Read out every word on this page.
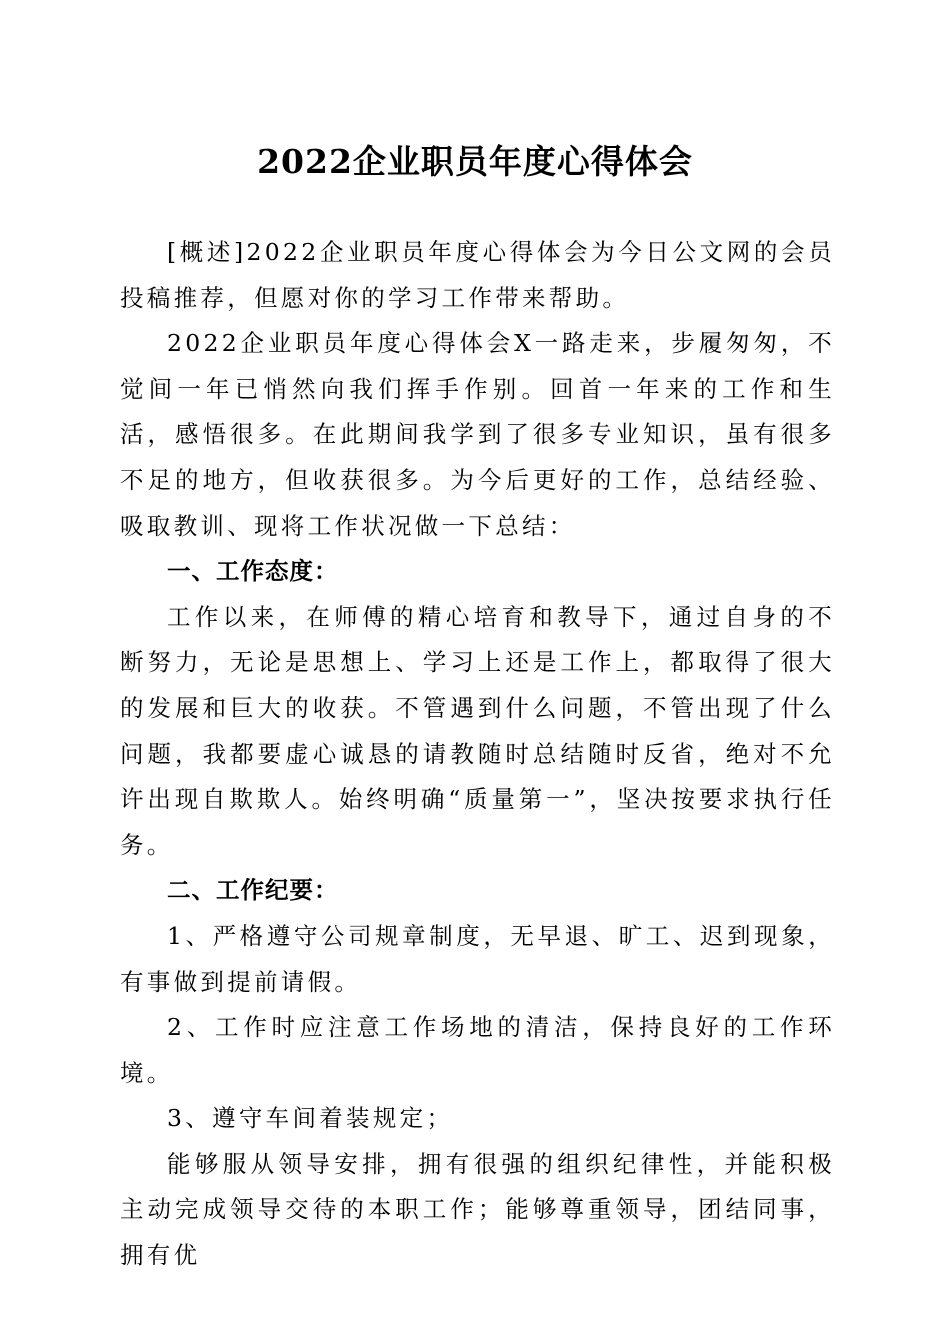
2022企业职员年度心得体会

[概述]2022企业职员年度心得体会为今日公文网的会员投稿推荐，但愿对你的学习工作带来帮助。

2022企业职员年度心得体会X一路走来，步履匆匆，不觉间一年已悄然向我们挥手作别。回首一年来的工作和生活，感悟很多。在此期间我学到了很多专业知识，虽有很多不足的地方，但收获很多。为今后更好的工作，总结经验、吸取教训、现将工作状况做一下总结：

一、工作态度：

工作以来，在师傅的精心培育和教导下，通过自身的不断努力，无论是思想上、学习上还是工作上，都取得了很大的发展和巨大的收获。不管遇到什么问题，不管出现了什么问题，我都要虚心诚恳的请教随时总结随时反省，绝对不允许出现自欺欺人。始终明确“质量第一”，坚决按要求执行任务。

二、工作纪要：

1、严格遵守公司规章制度，无早退、旷工、迟到现象，有事做到提前请假。

2、工作时应注意工作场地的清洁，保持良好的工作环境。

3、遵守车间着装规定；

能够服从领导安排，拥有很强的组织纪律性，并能积极主动完成领导交待的本职工作；能够尊重领导，团结同事，拥有优
